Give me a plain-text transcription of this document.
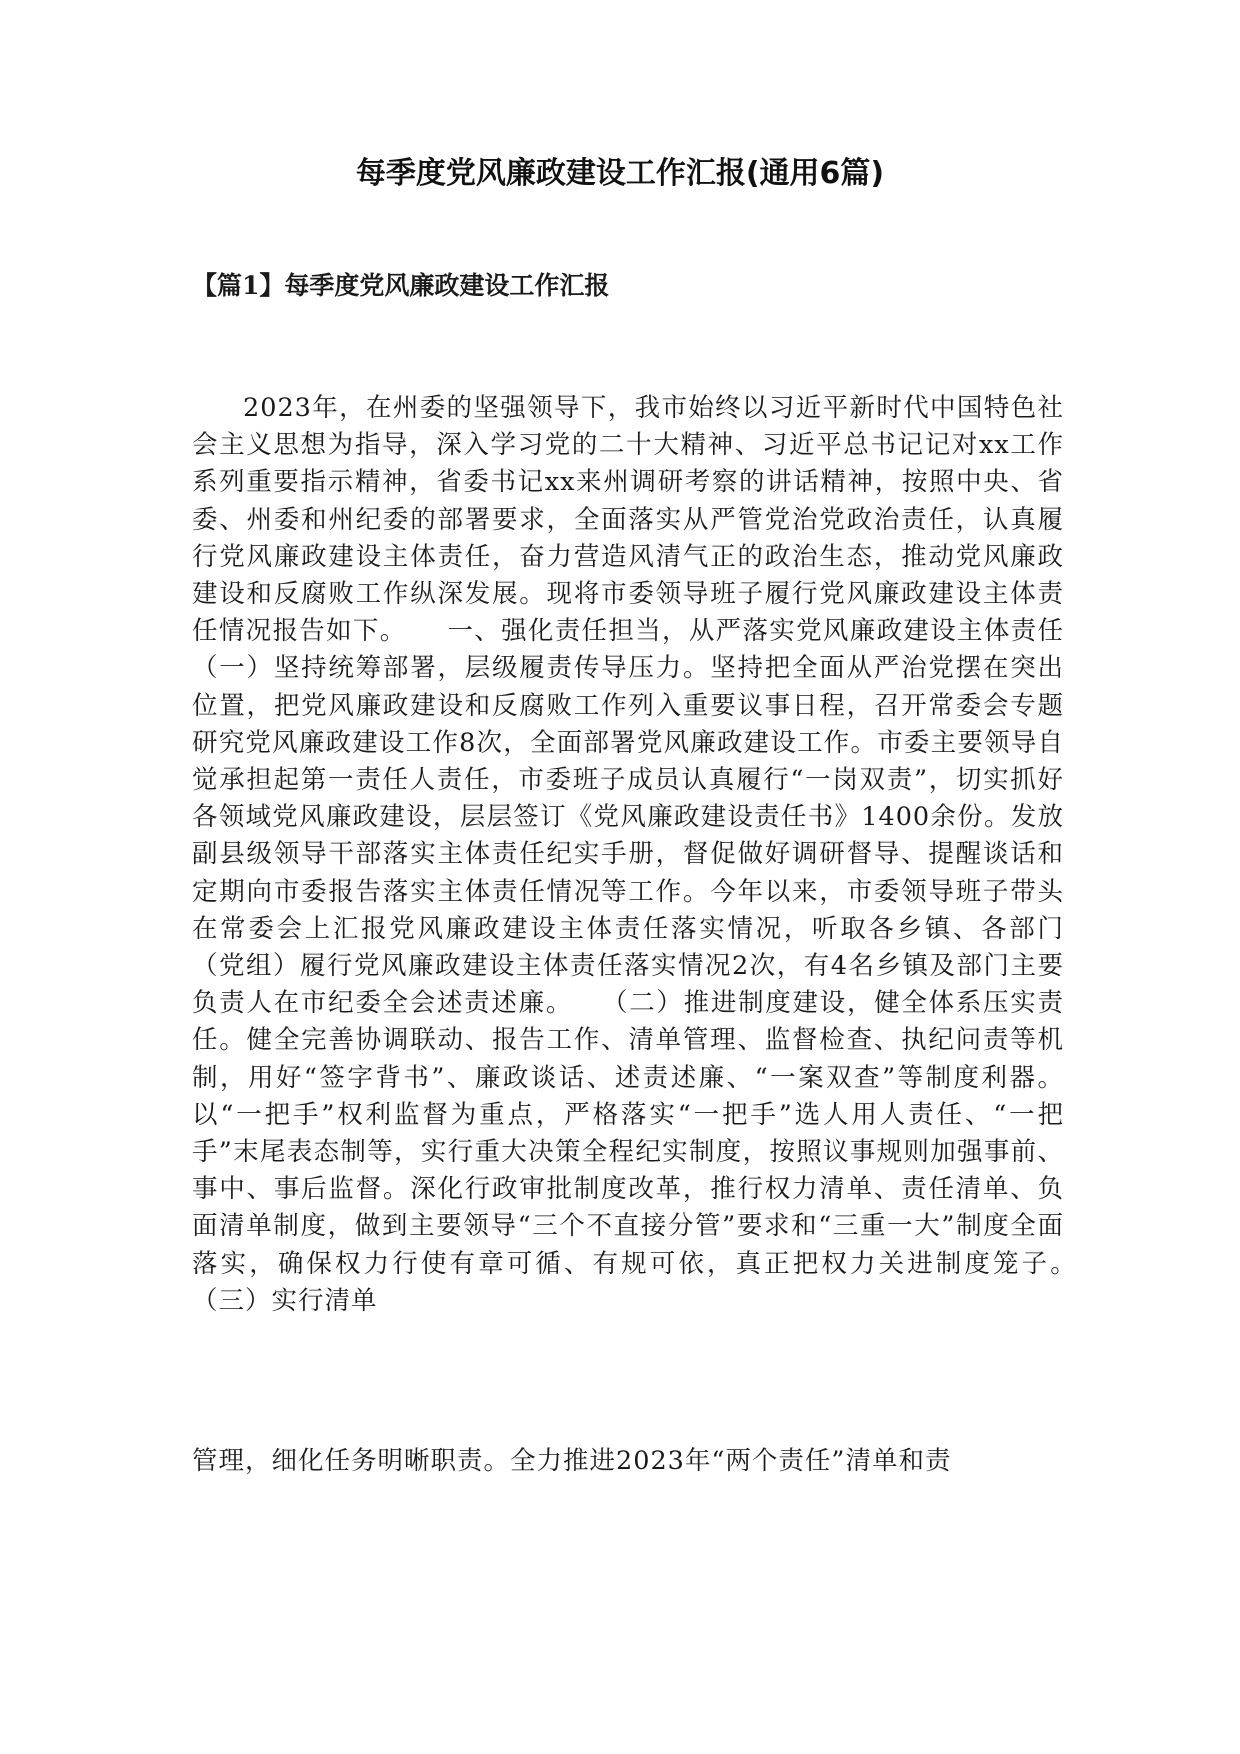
每季度党风廉政建设工作汇报(通用6篇)
【篇1】每季度党风廉政建设工作汇报

2023年，在州委的坚强领导下，我市始终以习近平新时代中国特色社会主义思想为指导，深入学习党的二十大精神、习近平总书记记对xx工作系列重要指示精神，省委书记xx来州调研考察的讲话精神，按照中央、省委、州委和州纪委的部署要求，全面落实从严管党治党政治责任，认真履行党风廉政建设主体责任，奋力营造风清气正的政治生态，推动党风廉政建设和反腐败工作纵深发展。现将市委领导班子履行党风廉政建设主体责任情况报告如下。　　一、强化责任担当，从严落实党风廉政建设主体责任　（一）坚持统筹部署，层级履责传导压力。坚持把全面从严治党摆在突出位置，把党风廉政建设和反腐败工作列入重要议事日程，召开常委会专题研究党风廉政建设工作8次，全面部署党风廉政建设工作。市委主要领导自觉承担起第一责任人责任，市委班子成员认真履行“一岗双责”，切实抓好各领域党风廉政建设，层层签订《党风廉政建设责任书》1400余份。发放副县级领导干部落实主体责任纪实手册，督促做好调研督导、提醒谈话和定期向市委报告落实主体责任情况等工作。今年以来，市委领导班子带头在常委会上汇报党风廉政建设主体责任落实情况，听取各乡镇、各部门（党组）履行党风廉政建设主体责任落实情况2次，有4名乡镇及部门主要负责人在市纪委全会述责述廉。　　（二）推进制度建设，健全体系压实责任。健全完善协调联动、报告工作、清单管理、监督检查、执纪问责等机制，用好“签字背书”、廉政谈话、述责述廉、“一案双查”等制度利器。以“一把手”权利监督为重点，严格落实“一把手”选人用人责任、“一把手”末尾表态制等，实行重大决策全程纪实制度，按照议事规则加强事前、事中、事后监督。深化行政审批制度改革，推行权力清单、责任清单、负面清单制度，做到主要领导“三个不直接分管”要求和“三重一大”制度全面落实，确保权力行使有章可循、有规可依，真正把权力关进制度笼子。　　（三）实行清单

管理，细化任务明晰职责。全力推进2023年“两个责任”清单和责
